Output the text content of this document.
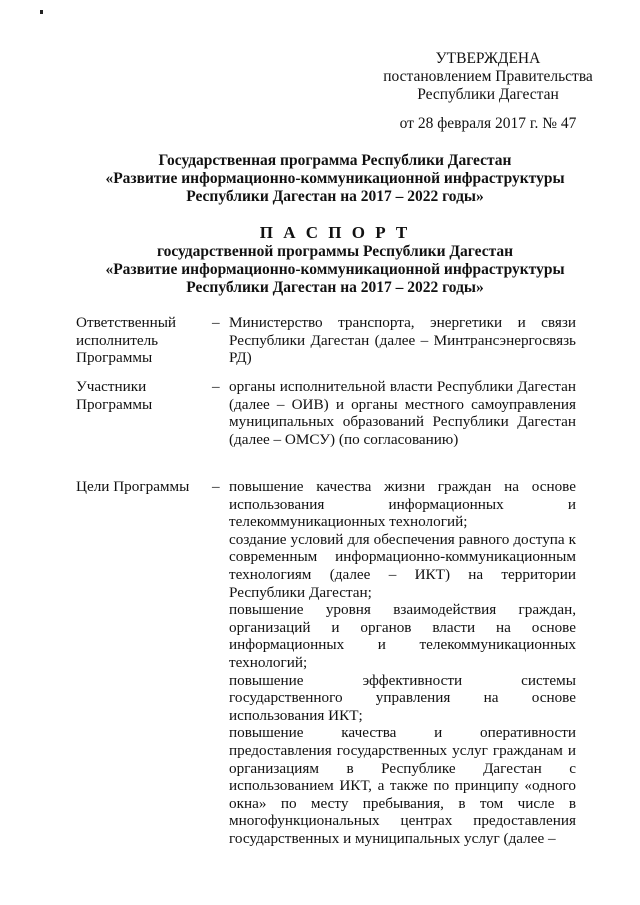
УТВЕРЖДЕНА
постановлением Правительства
Республики Дагестан
от 28 февраля 2017 г. № 47
Государственная программа Республики Дагестан
«Развитие информационно-коммуникационной инфраструктуры
Республики Дагестан на 2017 – 2022 годы»
П А С П О Р Т
государственной программы Республики Дагестан
«Развитие информационно-коммуникационной инфраструктуры
Республики Дагестан на 2017 – 2022 годы»
Ответственный исполнитель Программы
– Министерство транспорта, энергетики и связи Республики Дагестан (далее – Минтрансэнергосвязь РД)

Участники Программы
– органы исполнительной власти Республики Дагестан (далее – ОИВ) и органы местного самоуправления муниципальных образований Республики Дагестан (далее – ОМСУ) (по согласованию)

Цели Программы	– повышение качества жизни граждан на основе использования информационных и телекоммуникационных технологий;

создание условий для обеспечения равного доступа к современным информационно-коммуникационным технологиям (далее – ИКТ) на территории Республики Дагестан;

повышение уровня взаимодействия граждан, организаций и органов власти на основе информационных и телекоммуникационных технологий;

повышение эффективности системы государственного управления на основе использования ИКТ;

повышение качества и оперативности предоставления государственных услуг гражданам и организациям в Республике Дагестан с использованием ИКТ, а также по принципу «одного окна» по месту пребывания, в том числе в многофункциональных центрах предоставления государственных и муниципальных услуг (далее –
